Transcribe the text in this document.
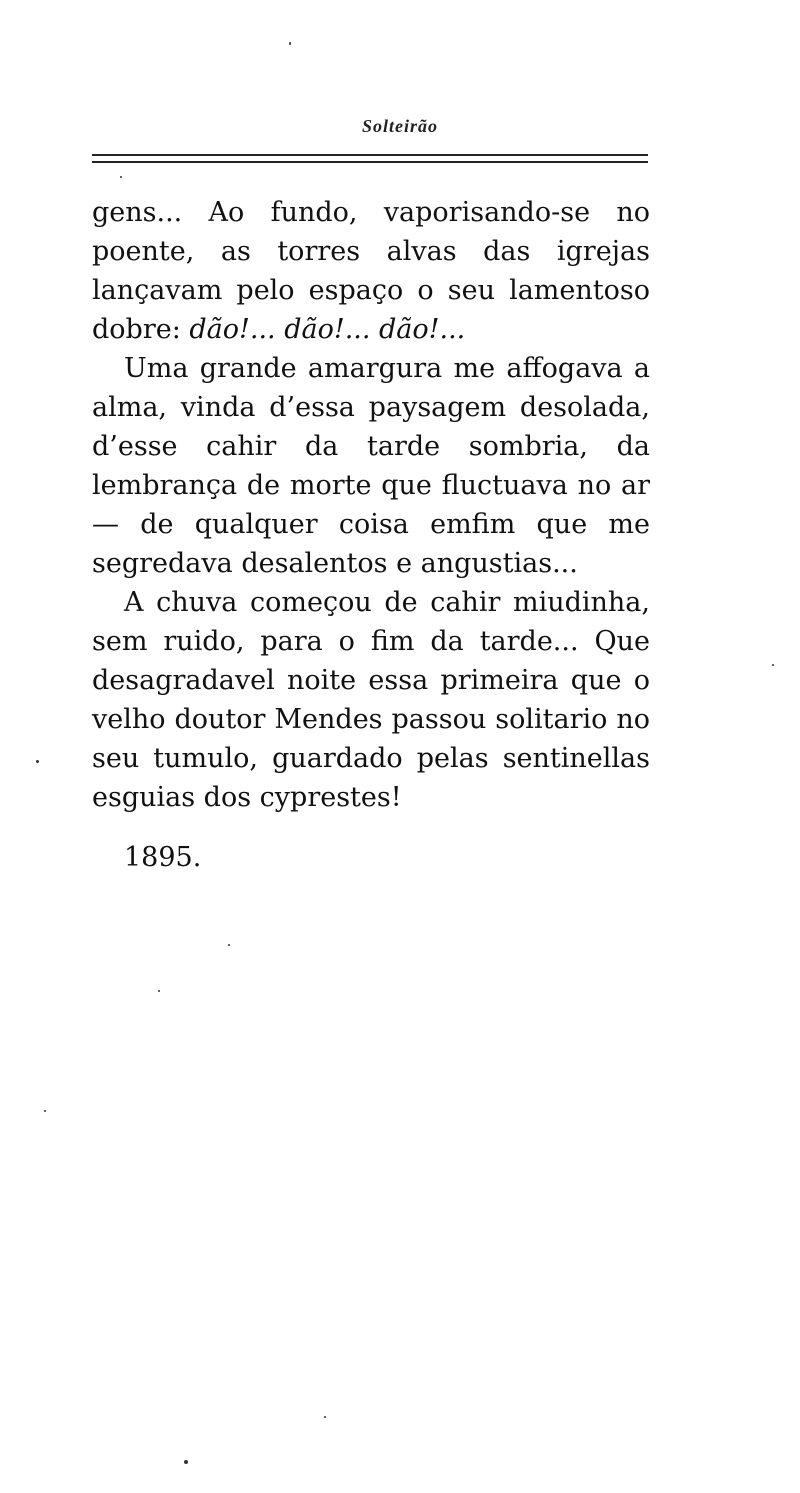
Solteirão

gens... Ao fundo, vaporisando-se no poente, as torres alvas das igrejas lançavam pelo espaço o seu lamentoso dobre: dão!... dão!... dão!...

Uma grande amargura me affogava a alma, vinda d’essa paysagem desolada, d’esse cahir da tarde sombria, da lembrança de morte que fluctuava no ar — de qualquer coisa emfim que me segredava desalentos e angustias...

A chuva começou de cahir miudinha, sem ruido, para o fim da tarde... Que desagradavel noite essa primeira que o velho doutor Mendes passou solitario no seu tumulo, guardado pelas sentinellas esguias dos cyprestes!

1895.
